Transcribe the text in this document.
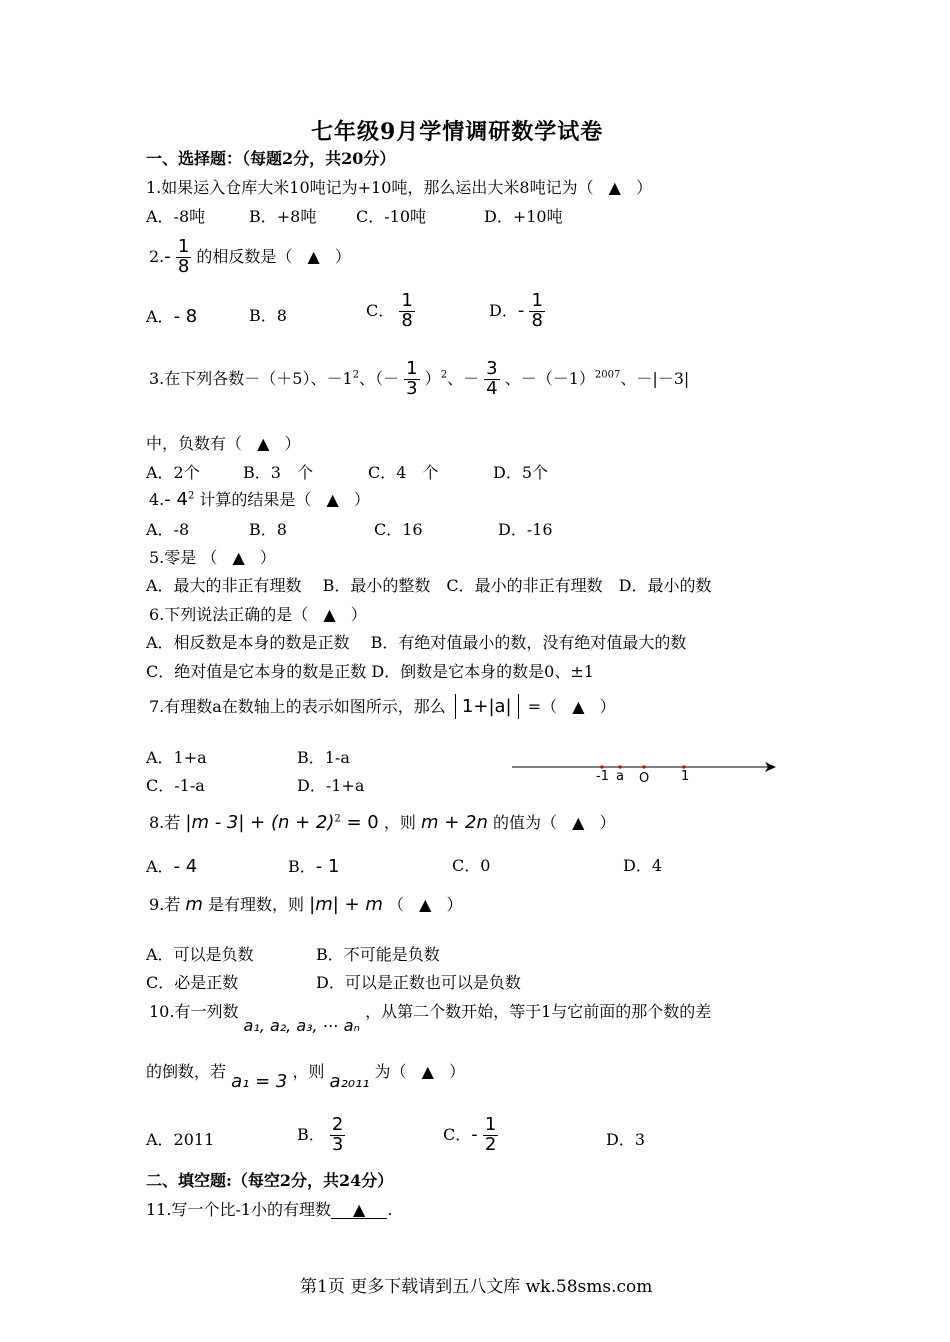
七年级9月学情调研数学试卷
一、选择题：（每题2分，共20分）
1.如果运入仓库大米10吨记为+10吨，那么运出大米8吨记为（ ▲ ）
A．-8吨	B．+8吨 C．-10吨	D．+10吨
$2.- \frac{1}{8}$ 的相反数是（ ▲ ）
A．- 8	B．8	C． $\frac{1}{8}$	D．- $\frac{1}{8}$
3.在下列各数－（＋5）、$-1^2$、（－ $\frac{1}{3} )^2$、－ $\frac{3}{4}$ 、$-(-1)^{2007}$、－|－3|
中，负数有（ ▲ ）
A．2个	B．3　个	C．4　个	D．5个
4.- $4^2$ 计算的结果是（ ▲ ）
A．-8	B．8	C．16	D．-16
5.零是 （ ▲ ）
A．最大的非正有理数　 B．最小的整数　C．最小的非正有理数　D．最小的数
6.下列说法正确的是（ ▲ ）
A．相反数是本身的数是正数　 B．有绝对值最小的数，没有绝对值最大的数
C．绝对值是它本身的数是正数 D．倒数是它本身的数是0、±1
7.有理数a在数轴上的表示如图所示，那么 1+|a| =（ ▲ ）
A．1+a	B．1-a
C．-1-a	D．-1+a	-1 a O 1
8.若 $|m - 3| + (n + 2)^2 = 0$ ，则 m + 2n 的值为（ ▲ ）
A．- 4	B．- 1	C．0	D．4
9.若 m 是有理数，则 |m| + m （ ▲ ）
A．可以是负数	B．不可能是负数
C．必是正数	D．可以是正数也可以是负数
10.有一列数 a₁, a₂, a₃, ⋯ aₙ ，从第二个数开始，等于1与它前面的那个数的差
的倒数，若 a₁ = 3 ，则 a₂₀₁₁ 为（ ▲ ）
A．2011	B． $\frac{2}{3}$	C．- $\frac{1}{2}$	D．3
二、填空题:（每空2分，共24分）
11.写一个比-1小的有理数 ▲ .
第1页 更多下载请到五八文库 wk.58sms.com
